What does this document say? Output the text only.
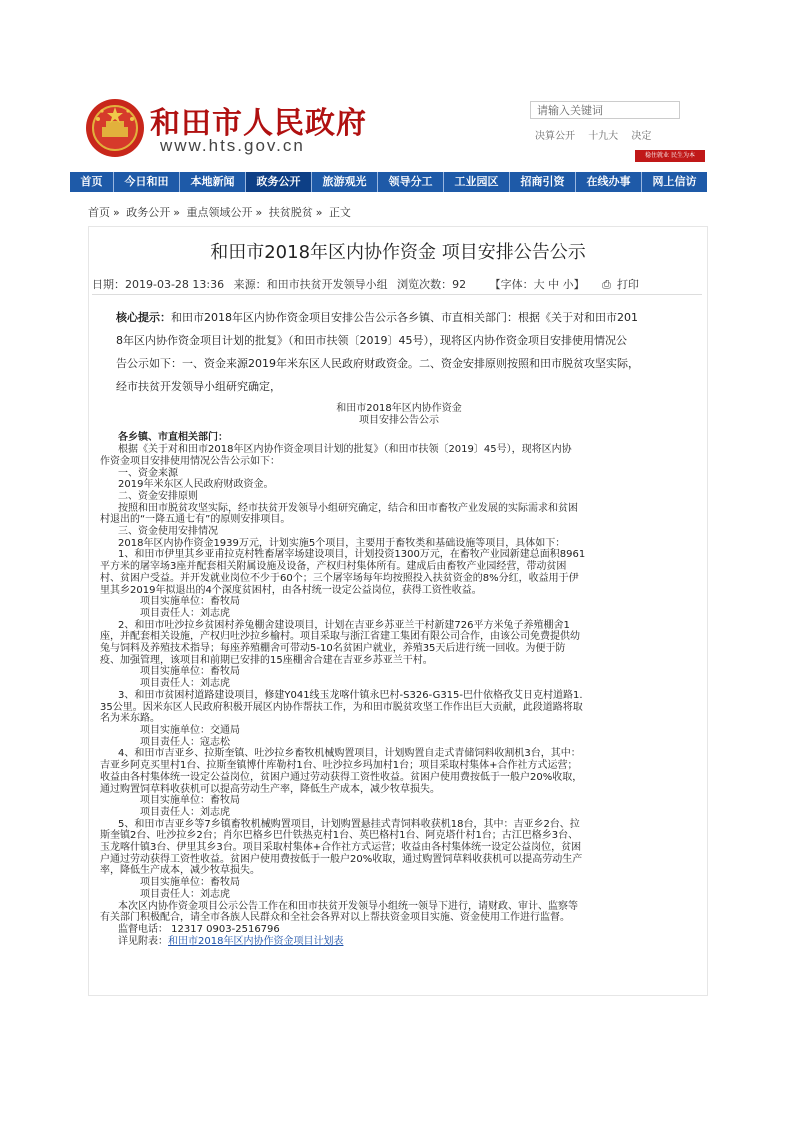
和田市人民政府
www.hts.gov.cn
请输入关键词
决算公开 十九大 决定
稳住就业 民生为本
首页	今日和田	本地新闻	政务公开	旅游观光	领导分工	工业园区	招商引资	在线办事	网上信访
首页 » 政务公开 » 重点领域公开 » 扶贫脱贫 » 正文
和田市2018年区内协作资金 项目安排公告公示
日期：2019-03-28 13:36 来源：和田市扶贫开发领导小组 浏览次数：92 【字体：大 中 小】 ⎙ 打印
核心提示：和田市2018年区内协作资金项目安排公告公示各乡镇、市直相关部门：根据《关于对和田市201
8年区内协作资金项目计划的批复》（和田市扶领〔2019〕45号），现将区内协作资金项目安排使用情况公
告公示如下：一、资金来源2019年米东区人民政府财政资金。二、资金安排原则按照和田市脱贫攻坚实际，
经市扶贫开发领导小组研究确定，
和田市2018年区内协作资金
项目安排公告公示
各乡镇、市直相关部门：
根据《关于对和田市2018年区内协作资金项目计划的批复》（和田市扶领〔2019〕45号），现将区内协
作资金项目安排使用情况公告公示如下：
一、资金来源
2019年米东区人民政府财政资金。
二、资金安排原则
按照和田市脱贫攻坚实际，经市扶贫开发领导小组研究确定，结合和田市畜牧产业发展的实际需求和贫困
村退出的“一降五通七有”的原则安排项目。
三、资金使用安排情况
2018年区内协作资金1939万元，计划实施5个项目，主要用于畜牧类和基础设施等项目，具体如下：
1、和田市伊里其乡亚甫拉克村牲畜屠宰场建设项目，计划投资1300万元，在畜牧产业园新建总面积8961
平方米的屠宰场3座并配套相关附属设施及设备，产权归村集体所有。建成后由畜牧产业园经营，带动贫困
村、贫困户受益。并开发就业岗位不少于60个；三个屠宰场每年均按照投入扶贫资金的8%分红，收益用于伊
里其乡2019年拟退出的4个深度贫困村，由各村统一设定公益岗位，获得工资性收益。
项目实施单位：畜牧局
项目责任人：刘志虎
2、和田市吐沙拉乡贫困村养兔棚舍建设项目，计划在吉亚乡苏亚兰干村新建726平方米兔子养殖棚舍1
座，并配套相关设施，产权归吐沙拉乡榆村。项目采取与浙江省建工集团有限公司合作，由该公司免费提供幼
兔与饲料及养殖技术指导；每座养殖棚舍可带动5-10名贫困户就业，养殖35天后进行统一回收。为便于防
疫、加强管理，该项目和前期已安排的15座棚舍合建在吉亚乡苏亚兰干村。
项目实施单位：畜牧局
项目责任人：刘志虎
3、和田市贫困村道路建设项目，修建Y041线玉龙喀什镇永巴村-S326-G315-巴什依格孜艾日克村道路1.
35公里。因米东区人民政府积极开展区内协作帮扶工作，为和田市脱贫攻坚工作作出巨大贡献，此段道路将取
名为米东路。
项目实施单位：交通局
项目责任人：寇志松
4、和田市吉亚乡、拉斯奎镇、吐沙拉乡畜牧机械购置项目，计划购置自走式青储饲料收割机3台，其中：
吉亚乡阿克买里村1台、拉斯奎镇博什库勒村1台、吐沙拉乡玛加村1台；项目采取村集体+合作社方式运营；
收益由各村集体统一设定公益岗位，贫困户通过劳动获得工资性收益。贫困户使用费按低于一般户20%收取，
通过购置饲草料收获机可以提高劳动生产率，降低生产成本，减少牧草损失。
项目实施单位：畜牧局
项目责任人：刘志虎
5、和田市吉亚乡等7乡镇畜牧机械购置项目，计划购置悬挂式青饲料收获机18台，其中：吉亚乡2台、拉
斯奎镇2台、吐沙拉乡2台；肖尔巴格乡巴什铁热克村1台、英巴格村1台、阿克塔什村1台；古江巴格乡3台、
玉龙喀什镇3台、伊里其乡3台。项目采取村集体+合作社方式运营；收益由各村集体统一设定公益岗位，贫困
户通过劳动获得工资性收益。贫困户使用费按低于一般户20%收取，通过购置饲草料收获机可以提高劳动生产
率，降低生产成本，减少牧草损失。
项目实施单位：畜牧局
项目责任人：刘志虎
本次区内协作资金项目公示公告工作在和田市扶贫开发领导小组统一领导下进行，请财政、审计、监察等
有关部门积极配合，请全市各族人民群众和全社会各界对以上帮扶资金项目实施、资金使用工作进行监督。
监督电话： 12317 0903-2516796
详见附表：和田市2018年区内协作资金项目计划表
